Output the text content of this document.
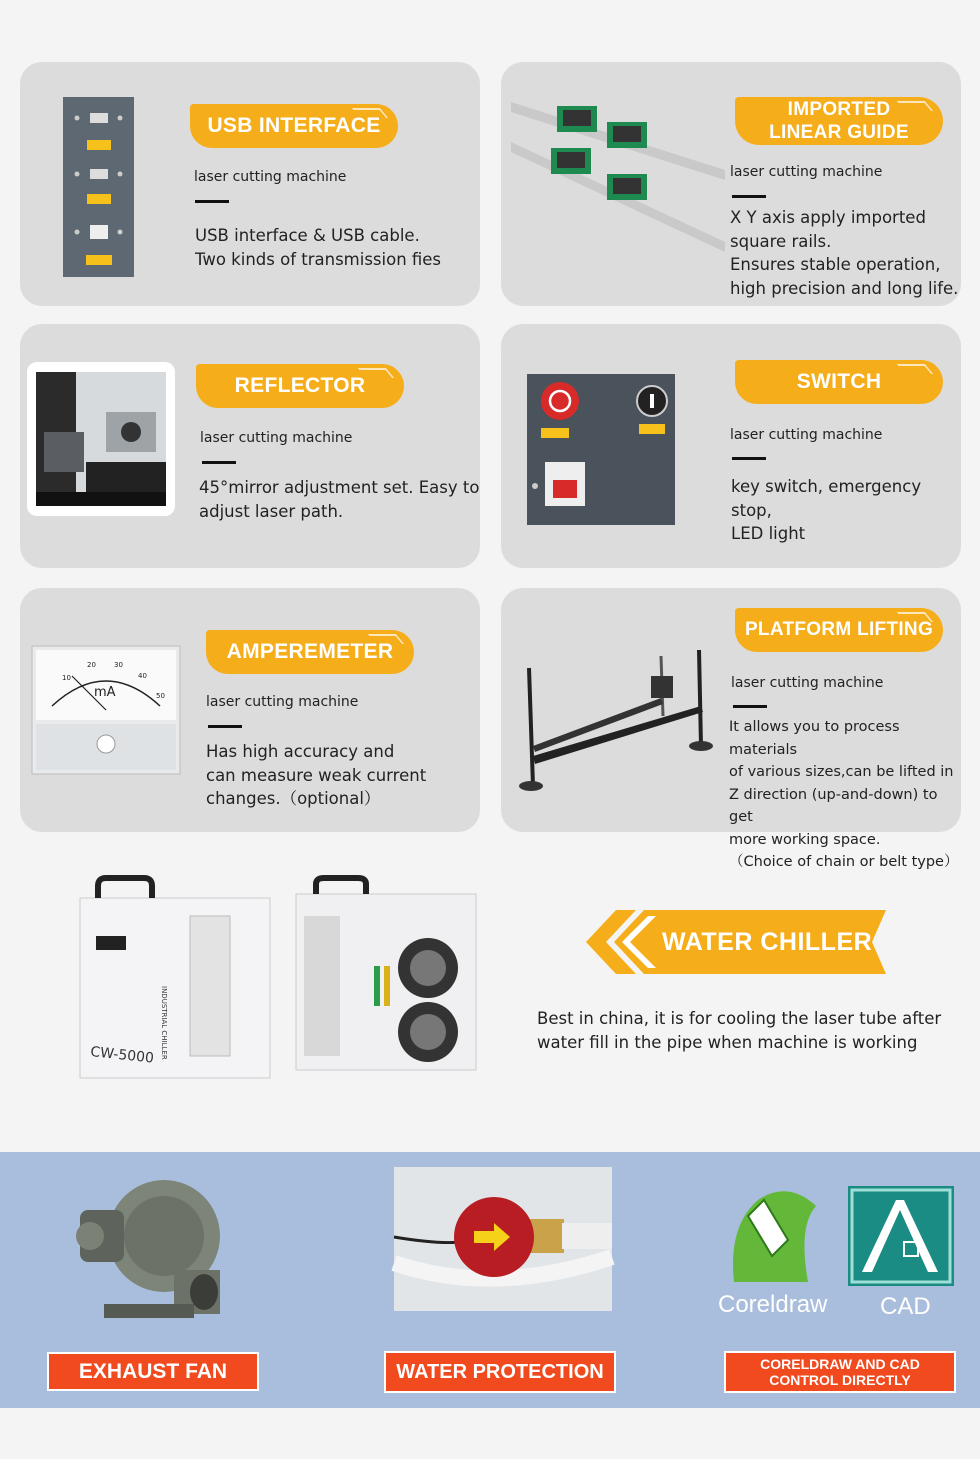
USB INTERFACE
laser cutting machine
USB interface & USB cable.
Two kinds of transmission fies
IMPORTED
LINEAR GUIDE
laser cutting machine
X Y axis apply imported
square rails.
Ensures stable operation,
high precision and long life.
REFLECTOR
laser cutting machine
45°mirror adjustment set. Easy to
adjust laser path.
SWITCH
laser cutting machine
key switch, emergency stop,
LED light
10
20	30
40
50
mA
AMPEREMETER
laser cutting machine
Has high accuracy and
can measure weak current
changes.（optional）
PLATFORM LIFTING
laser cutting machine
It allows you to process materials
of various sizes,can be lifted in
Z direction (up-and-down) to get
more working space.
（Choice of chain or belt type）
CW-5000 INDUSTRIAL CHILLER
WATER CHILLER
Best in china, it is for cooling the laser tube after
water fill in the pipe when machine is working
EXHAUST FAN	WATER PROTECTION
Coreldraw CAD
CORELDRAW AND CAD
CONTROL DIRECTLY
